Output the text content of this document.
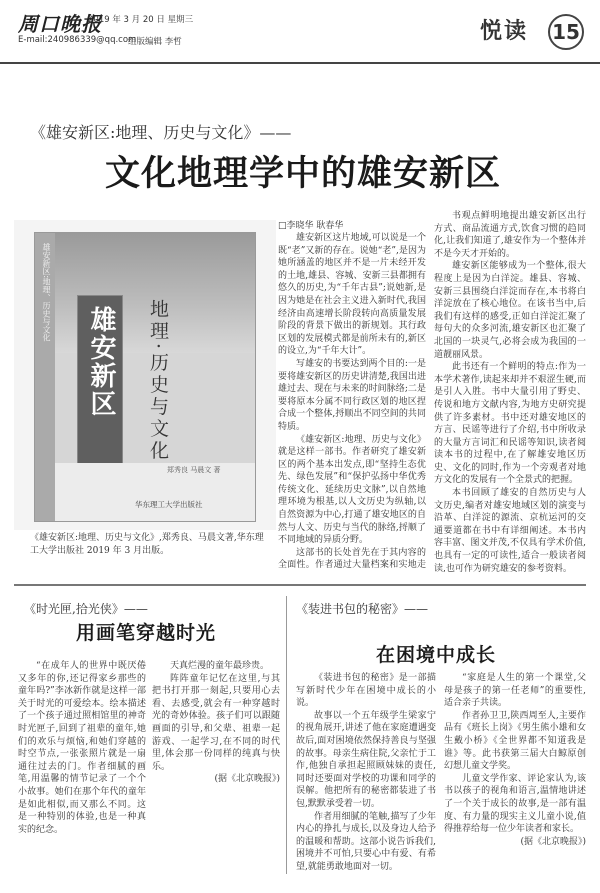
周口晚报
2019 年 3 月 20 日 星期三
E-mail:240986339@qq.com
组版编辑 李哲	悦读 15
《雄安新区:地理、历史与文化》——
文化地理学中的雄安新区
雄安新区:地理、历史与文化
雄安新区 地理·历史与文化
郑秀良 马晨文 著
华东理工大学出版社
《雄安新区:地理、历史与文化》,郑秀良、马晨文著,华东理工大学出版社 2019 年 3 月出版。
□李晓华 耿春华

雄安新区这片地域,可以说是一个既“老”又新的存在。说她“老”,是因为她所涵盖的地区并不是一片未经开发的土地,雄县、容城、安新三县都拥有悠久的历史,为“千年古县”;说她新,是因为她是在社会主义进入新时代,我国经济由高速增长阶段转向高质量发展阶段的背景下做出的新规划。其行政区划的发展模式都是前所未有的,新区的设立,为“千年大计”。

写雄安的书要达到两个目的:一是要将雄安新区的历史讲清楚,我国出进雄过去、现在与未来的时间脉络;二是要将原本分属不同行政区划的地区捏合成一个整体,捋顺出不同空间的共同特质。

《雄安新区:地理、历史与文化》就是这样一部书。作者研究了雄安新区的两个基本出发点,即“坚持生态优先、绿色发展”和“保护弘扬中华优秀传统文化、延续历史文脉”,以自然地理环境为根基,以人文历史为纵轴,以自然资源为中心,打通了雄安地区的自然与人文、历史与当代的脉络,捋顺了不同地域的异质分野。

这部书的长处首先在于其内容的全面性。作者通过大量档案和实地走

书观点鲜明地提出雄安新区出行方式、商品流通方式,饮食习惯的趋同化,让我们知道了,雄安作为一个整体并不是今天才开始的。

雄安新区能够成为一个整体,很大程度上是因为白洋淀。雄县、容城、安新三县围绕白洋淀而存在,本书将白洋淀放在了核心地位。在该书当中,后我们有这样的感受,正如白洋淀汇聚了每句大的众多河流,雄安新区也汇聚了北国的一块灵气,必将会成为我国的一道靓丽风景。

此书还有一个鲜明的特点:作为一本学术著作,读起来却并不艰涩生硬,而是引人入胜。书中大量引用了野史、传说和地方文献内容,为地方史研究提供了许多素材。书中还对雄安地区的方言、民谣等进行了介绍,书中所收录的大量方言词汇和民谣等知识,读者阅读本书的过程中,在了解雄安地区历史、文化的同时,作为一个旁观者对地方文化的发展有一个全景式的把握。

本书回顾了雄安的自然历史与人文历史,编者对雄安地域区划的演变与沿革、白洋淀的源流、京杭运河的交通要道都在书中有详细阐述。本书内容丰富、图文并茂,不仅具有学术价值,也具有一定的可读性,适合一般读者阅读,也可作为研究雄安的参考资料。

《时光匣,拾光侠》——
用画笔穿越时光

“在成年人的世界中既厌倦又多年的你,还记得家乡那些的童年吗?”李冰新作就是这样一部关于时光的可爱绘本。绘本描述了一个孩子通过照相馆里的神奇时光匣子,回到了祖辈的童年,她们的欢乐与烦恼,和她们穿越的时空节点,一张张照片就是一扇通往过去的门。作者细腻的画笔,用温馨的情节记录了一个个小故事。她们在那个年代的童年是如此相似,而又那么不同。这是一种特别的体验,也是一种真实的纪念。

天真烂漫的童年最珍贵。

阵阵童年记忆在这里,与其把书打开那一刻起,只要用心去看、去感受,就会有一种穿越时光的奇妙体验。孩子们可以跟随画面的引导,和父辈、祖辈一起游戏、一起学习,在不同的时代里,体会那一份同样的纯真与快乐。

(据《北京晚报》)
《装进书包的秘密》——
在困境中成长

《装进书包的秘密》是一部描写新时代少年在困境中成长的小说。

故事以一个五年级学生梁家宁的视角展开,讲述了他在家庭遭遇变故后,面对困境依然保持善良与坚强的故事。母亲生病住院,父亲忙于工作,他独自承担起照顾妹妹的责任,同时还要面对学校的功课和同学的误解。他把所有的秘密都装进了书包,默默承受着一切。

作者用细腻的笔触,描写了少年内心的挣扎与成长,以及身边人给予的温暖和帮助。这部小说告诉我们,困境并不可怕,只要心中有爱、有希望,就能勇敢地面对一切。

“家庭是人生的第一个课堂,父母是孩子的第一任老师”的重要性,适合亲子共读。

作者孙卫卫,陕西周至人,主要作品有《班长上岗》《男生熊小雄和女生戴小桥》《全世界都不知道我是谁》等。此书获第三届大白鲸原创幻想儿童文学奖。

儿童文学作家、评论家认为,该书以孩子的视角和语言,温情地讲述了一个关于成长的故事,是一部有温度、有力量的现实主义儿童小说,值得推荐给每一位少年读者和家长。

(据《北京晚报》)
